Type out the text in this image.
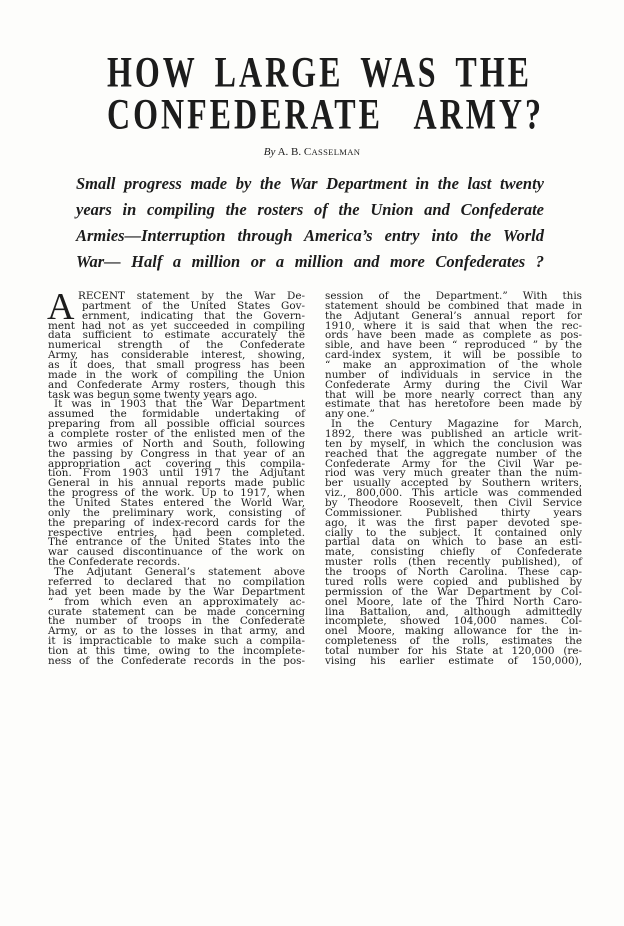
HOW LARGE WAS THE
CONFEDERATE ARMY?
By A. B. CASSELMAN
Small progress made by the War Department in the last twenty
years in compiling the rosters of the Union and Confederate
Armies—Interruption through America’s entry into the World
War— Half a million or a million and more Confederates ?
A RECENT statement by the War De-
partment of the United States Gov-
ernment, indicating that the Govern-
ment had not as yet succeeded in compiling
data sufficient to estimate accurately the
numerical strength of the Confederate
Army, has considerable interest, showing,
as it does, that small progress has been
made in the work of compiling the Union
and Confederate Army rosters, though this
task was begun some twenty years ago.
It was in 1903 that the War Department
assumed the formidable undertaking of
preparing from all possible official sources
a complete roster of the enlisted men of the
two armies of North and South, following
the passing by Congress in that year of an
appropriation act covering this compila-
tion. From 1903 until 1917 the Adjutant
General in his annual reports made public
the progress of the work. Up to 1917, when
the United States entered the World War,
only the preliminary work, consisting of
the preparing of index-record cards for the
respective entries, had been completed.
The entrance of the United States into the
war caused discontinuance of the work on
the Confederate records.
The Adjutant General’s statement above
referred to declared that no compilation
had yet been made by the War Department
“ from which even an approximately ac-
curate statement can be made concerning
the number of troops in the Confederate
Army, or as to the losses in that army, and
it is impracticable to make such a compila-
tion at this time, owing to the incomplete-
ness of the Confederate records in the pos-
session of the Department.” With this
statement should be combined that made in
the Adjutant General’s annual report for
1910, where it is said that when the rec-
ords have been made as complete as pos-
sible, and have been “ reproduced ” by the
card-index system, it will be possible to
“ make an approximation of the whole
number of individuals in service in the
Confederate Army during the Civil War
that will be more nearly correct than any
estimate that has heretofore been made by
any one.”
In the Century Magazine for March,
1892, there was published an article writ-
ten by myself, in which the conclusion was
reached that the aggregate number of the
Confederate Army for the Civil War pe-
riod was very much greater than the num-
ber usually accepted by Southern writers,
viz., 800,000. This article was commended
by Theodore Roosevelt, then Civil Service
Commissioner. Published thirty years
ago, it was the first paper devoted spe-
cially to the subject. It contained only
partial data on which to base an esti-
mate, consisting chiefly of Confederate
muster rolls (then recently published), of
the troops of North Carolina. These cap-
tured rolls were copied and published by
permission of the War Department by Col-
onel Moore, late of the Third North Caro-
lina Battalion, and, although admittedly
incomplete, showed 104,000 names. Col-
onel Moore, making allowance for the in-
completeness of the rolls, estimates the
total number for his State at 120,000 (re-
vising his earlier estimate of 150,000),
